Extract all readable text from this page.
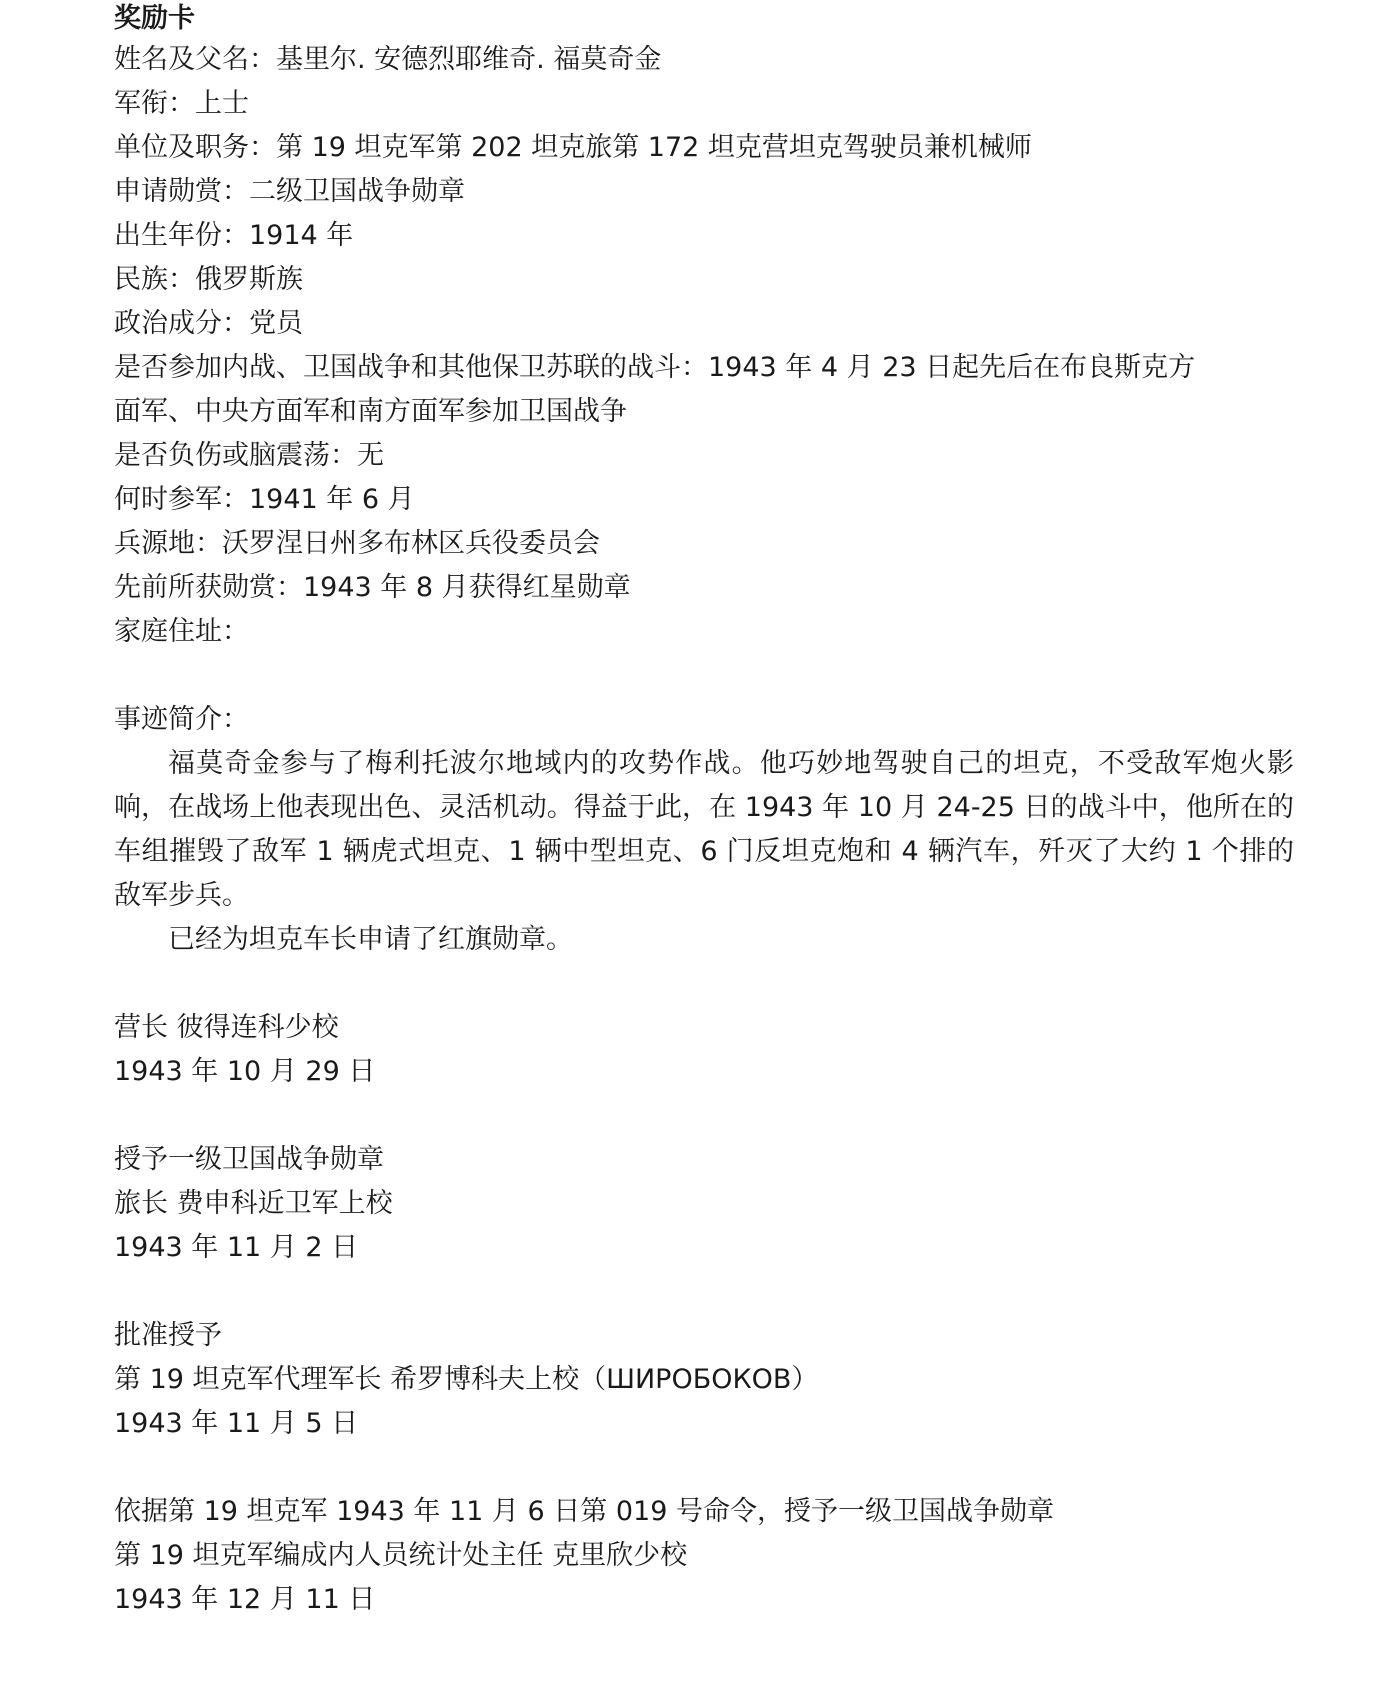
奖励卡
姓名及父名：基里尔. 安德烈耶维奇. 福莫奇金
军衔：上士
单位及职务：第 19 坦克军第 202 坦克旅第 172 坦克营坦克驾驶员兼机械师
申请勋赏：二级卫国战争勋章
出生年份：1914 年
民族：俄罗斯族
政治成分：党员
是否参加内战、卫国战争和其他保卫苏联的战斗：1943 年 4 月 23 日起先后在布良斯克方
面军、中央方面军和南方面军参加卫国战争
是否负伤或脑震荡：无
何时参军：1941 年 6 月
兵源地：沃罗涅日州多布林区兵役委员会
先前所获勋赏：1943 年 8 月获得红星勋章
家庭住址：
事迹简介：
福莫奇金参与了梅利托波尔地域内的攻势作战。他巧妙地驾驶自己的坦克，不受敌军炮火影响，在战场上他表现出色、灵活机动。得益于此，在 1943 年 10 月 24-25 日的战斗中，他所在的车组摧毁了敌军 1 辆虎式坦克、1 辆中型坦克、6 门反坦克炮和 4 辆汽车，歼灭了大约 1 个排的敌军步兵。
已经为坦克车长申请了红旗勋章。
营长 彼得连科少校
1943 年 10 月 29 日
授予一级卫国战争勋章
旅长 费申科近卫军上校
1943 年 11 月 2 日
批准授予
第 19 坦克军代理军长 希罗博科夫上校（ШИРОБОКОВ）
1943 年 11 月 5 日
依据第 19 坦克军 1943 年 11 月 6 日第 019 号命令，授予一级卫国战争勋章
第 19 坦克军编成内人员统计处主任 克里欣少校
1943 年 12 月 11 日
